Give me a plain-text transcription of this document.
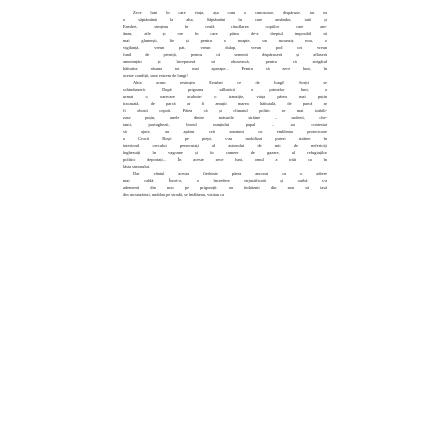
Zece luni în care viața, așa cum o cunoscuse, dispăruse, iar ea
o săptămână la alta. Săptămâni în care amândoi, tată și
Ernsbet, simțeau în ceafă răsuflarea copiilor care am-
ânau, zile și ore în care pătea de-a dreptul imposibil să
mai glumești, fie și pentru o noapte, un ascunziș nou, o
vigilanță, vreun pat, vreun dulap, vreun pod ori vreun
fund de pivniță, pentru că semenii dispăruseră și aflaseră
amenințări și începuseră să obosească, pentru că strigătul
hăituitor răsuna tot mai aproape... Pentru că zece luni, în
aceste condiții, sunt extrem de lungi!
Abia acum resimțea Ernsbet ce de lungi! Sorții se
schimbaseră. După prigoana sălbatică a primelor luni, a
urmat o oarecare acalmie: o tranziție, viața părea mai puțin
tracasată, de parcă ar fi amuțit marea hăituială, de parcă ar
fi obosit copoii. Pătea că și climatul politic se mai stabili-
zase puțin, unele dintre măsurile străine – sudezii, che-
tanii, portughezii, biroul nunțiului papal – au contestat
să ajute, au apărut ceii anonimi cu emblema protectoare
a Crucii Roșii pe piept, s-au mobilizat puteri străine în
interiorul cercului persecutați al autorului de mii de nefericiți
înghesuiți în vagoane și în camere de gazare, al refugiaților
politici deportați... În aceste zece luni, omul a trăit ca în
lăsia simurului.
Dar vântul acesta fierbinte părea ancorat cu o adiere
mai caldă. Încet-o, o încredere nejustificată și oarbă s-a
ademenit din nou pe prigoniții: au îndrăznit din nou să iasă
din ascunzători, umblau pe stradă, se întâlneau, vizitau ca
